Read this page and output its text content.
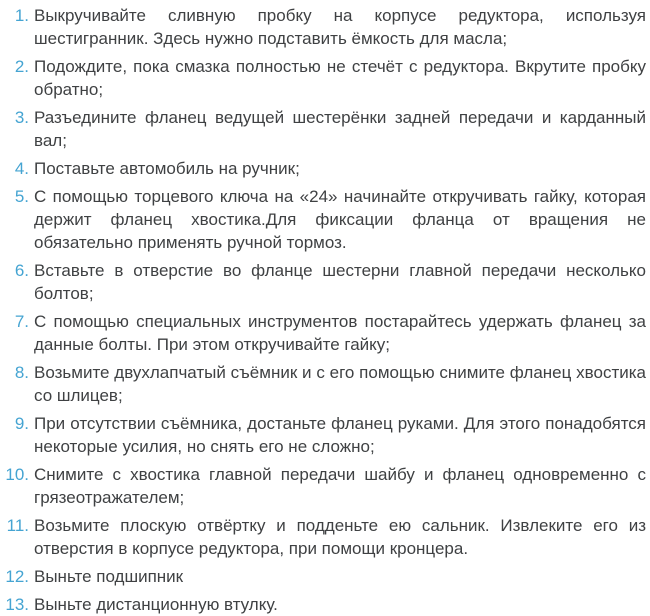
1. Выкручивайте сливную пробку на корпусе редуктора, используя шестигранник. Здесь нужно подставить ёмкость для масла;
2. Подождите, пока смазка полностью не стечёт с редуктора. Вкрутите пробку обратно;
3. Разъедините фланец ведущей шестерёнки задней передачи и карданный вал;
4. Поставьте автомобиль на ручник;
5. С помощью торцевого ключа на «24» начинайте откручивать гайку, которая держит фланец хвостика.Для фиксации фланца от вращения не обязательно применять ручной тормоз.
6. Вставьте в отверстие во фланце шестерни главной передачи несколько болтов;
7. С помощью специальных инструментов постарайтесь удержать фланец за данные болты. При этом откручивайте гайку;
8. Возьмите двухлапчатый съёмник и с его помощью снимите фланец хвостика со шлицев;
9. При отсутствии съёмника, достаньте фланец руками. Для этого понадобятся некоторые усилия, но снять его не сложно;
10. Снимите с хвостика главной передачи шайбу и фланец одновременно с грязеотражателем;
11. Возьмите плоскую отвёртку и подденьте ею сальник. Извлеките его из отверстия в корпусе редуктора, при помощи кронцера.
12. Выньте подшипник
13. Выньте дистанционную втулку.
